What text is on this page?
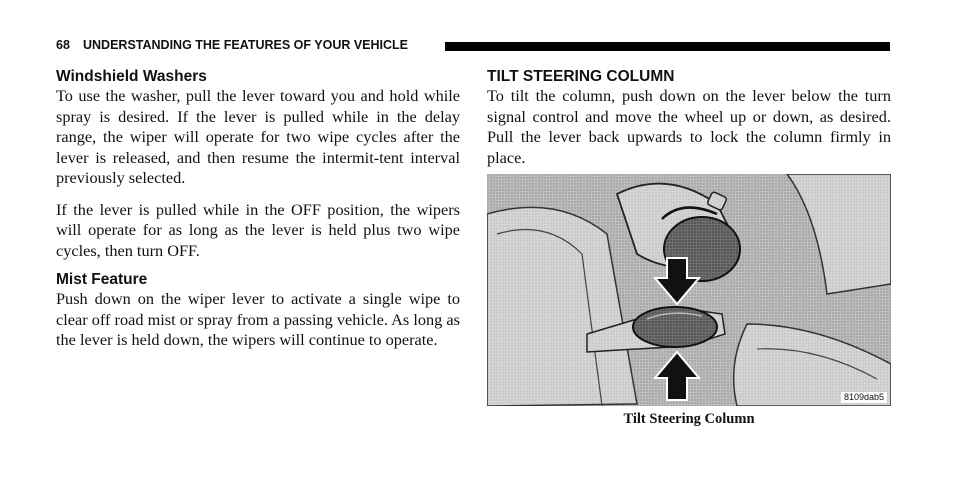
68 UNDERSTANDING THE FEATURES OF YOUR VEHICLE
Windshield Washers

To use the washer, pull the lever toward you and hold while spray is desired. If the lever is pulled while in the delay range, the wiper will operate for two wipe cycles after the lever is released, and then resume the intermit-tent interval previously selected.

If the lever is pulled while in the OFF position, the wipers will operate for as long as the lever is held plus two wipe cycles, then turn OFF.

Mist Feature

Push down on the wiper lever to activate a single wipe to clear off road mist or spray from a passing vehicle. As long as the lever is held down, the wipers will continue to operate.

TILT STEERING COLUMN

To tilt the column, push down on the lever below the turn signal control and move the wheel up or down, as desired. Pull the lever back upwards to lock the column firmly in place.

8109dab5
Tilt Steering Column
